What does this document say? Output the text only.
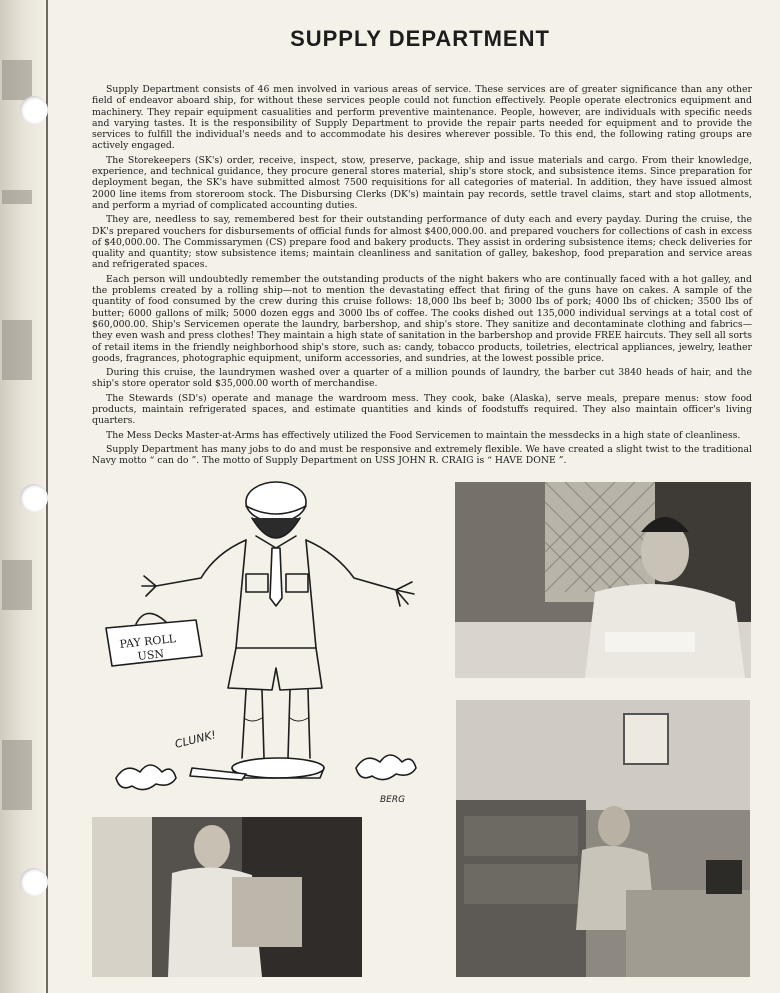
SUPPLY DEPARTMENT

Supply Department consists of 46 men involved in various areas of service. These services are of greater significance than any other field of endeavor aboard ship, for without these services people could not function effectively. People operate electronics equipment and machinery. They repair equipment casualities and perform preventive maintenance. People, however, are individuals with specific needs and varying tastes. It is the responsibility of Supply Department to provide the repair parts needed for equipment and to provide the services to fulfill the individual's needs and to accommodate his desires wherever possible. To this end, the following rating groups are actively engaged.

The Storekeepers (SK's) order, receive, inspect, stow, preserve, package, ship and issue materials and cargo. From their knowledge, experience, and technical guidance, they procure general stores material, ship's store stock, and subsistence items. Since preparation for deployment began, the SK's have submitted almost 7500 requisitions for all categories of material. In addition, they have issued almost 2000 line items from storeroom stock. The Disbursing Clerks (DK's) maintain pay records, settle travel claims, start and stop allotments, and perform a myriad of complicated accounting duties.

They are, needless to say, remembered best for their outstanding performance of duty each and every payday. During the cruise, the DK's prepared vouchers for disbursements of official funds for almost $400,000.00. and prepared vouchers for collections of cash in excess of $40,000.00. The Commissarymen (CS) prepare food and bakery products. They assist in ordering subsistence items; check deliveries for quality and quantity; stow subsistence items; maintain cleanliness and sanitation of galley, bakeshop, food preparation and service areas and refrigerated spaces.

Each person will undoubtedly remember the outstanding products of the night bakers who are continually faced with a hot galley, and the problems created by a rolling ship—not to mention the devastating effect that firing of the guns have on cakes. A sample of the quantity of food consumed by the crew during this cruise follows: 18,000 lbs beef b; 3000 lbs of pork; 4000 lbs of chicken; 3500 lbs of butter; 6000 gallons of milk; 5000 dozen eggs and 3000 lbs of coffee. The cooks dished out 135,000 individual servings at a total cost of $60,000.00. Ship's Servicemen operate the laundry, barbershop, and ship's store. They sanitize and decontaminate clothing and fabrics—they even wash and press clothes! They maintain a high state of sanitation in the barbershop and provide FREE haircuts. They sell all sorts of retail items in the friendly neighborhood ship's store, such as: candy, tobacco products, toiletries, electrical appliances, jewelry, leather goods, fragrances, photographic equipment, uniform accessories, and sundries, at the lowest possible price.

During this cruise, the laundrymen washed over a quarter of a million pounds of laundry, the barber cut 3840 heads of hair, and the ship's store operator sold $35,000.00 worth of merchandise.

The Stewards (SD's) operate and manage the wardroom mess. They cook, bake (Alaska), serve meals, prepare menus: stow food products, maintain refrigerated spaces, and estimate quantities and kinds of foodstuffs required. They also maintain officer's living quarters.

The Mess Decks Master-at-Arms has effectively utilized the Food Servicemen to maintain the messdecks in a high state of cleanliness.

Supply Department has many jobs to do and must be responsive and extremely flexible. We have created a slight twist to the traditional Navy motto “ can do ”. The motto of Supply Department on USS JOHN R. CRAIG is “ HAVE DONE ”.

PAY ROLL
USN
CLUNK!
BERG
